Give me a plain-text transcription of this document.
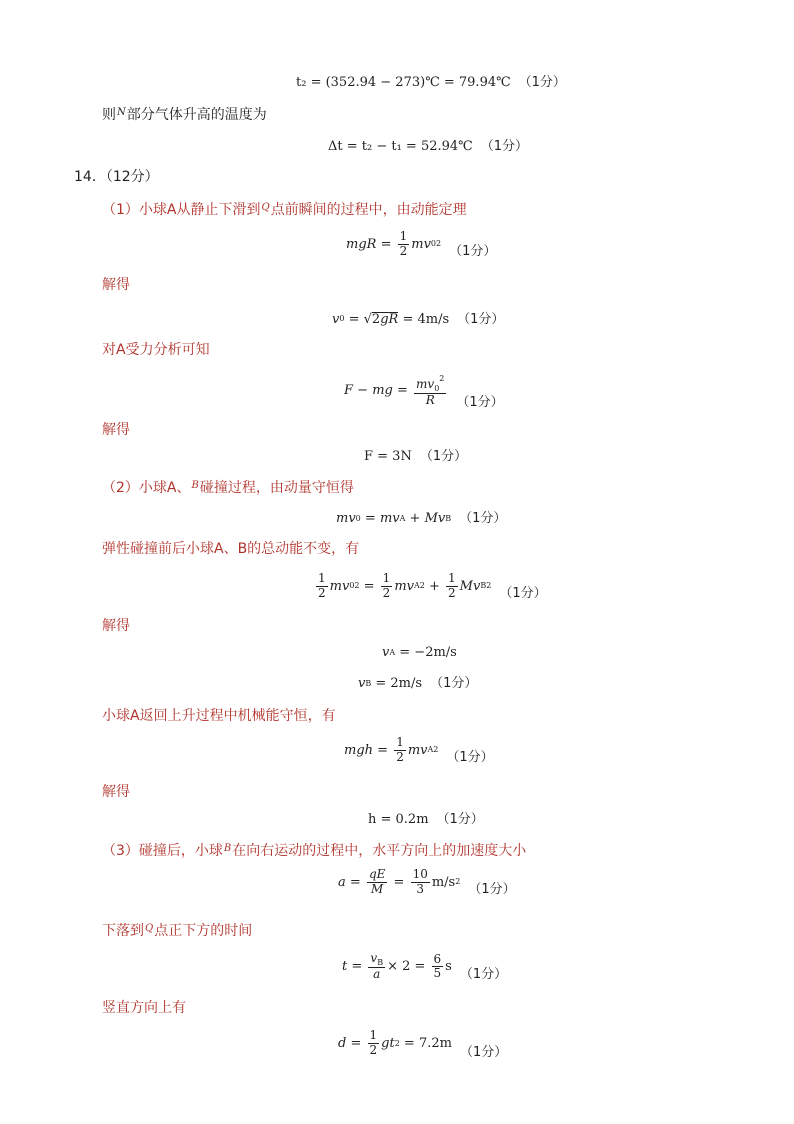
t₂ = (352.94 − 273)℃ = 79.94℃ （1分）
则$^N$部分气体升高的温度为
Δt = t₂ − t₁ = 52.94℃ （1分）
14．（12分）
（1）小球A从静止下滑到$^Q$点前瞬间的过程中，由动能定理
mgR = $\frac{1}{2}$ mv 0 2 （1分）
解得
v 0 = √ 2gR = 4m/s （1分）
对A受力分析可知
F − mg = $\frac{mv_0^2}{R} (1$分）
解得
F = 3N （1分）
（2）小球A、$^B$碰撞过程，由动量守恒得
mv 0 = mv A + Mv B （1分）
弹性碰撞前后小球A、B的总动能不变，有
$\frac{1}{2}$ mv 0 $2 = \frac{1}{2}$ mv A $2 + \frac{1}{2}$ Mv B 2 （1分）
解得
v A = −2m/s
v B = 2m/s （1分）
小球A返回上升过程中机械能守恒，有
mgh = $\frac{1}{2}$ mv A 2 （1分）
解得
h = 0.2m （1分）
（3）碰撞后，小球$^B$在向右运动的过程中，水平方向上的加速度大小
$a = \frac{qE}{M} = \frac{10}{3} m/s$ 2 （1分）
下落到$^Q$点正下方的时间
$t = \frac{v_B}{a} \times 2 = \frac{6}{5}$ s
（1分）
竖直方向上有
$d = \frac{1}{2}$ gt 2 = 7.2m
（1分）
